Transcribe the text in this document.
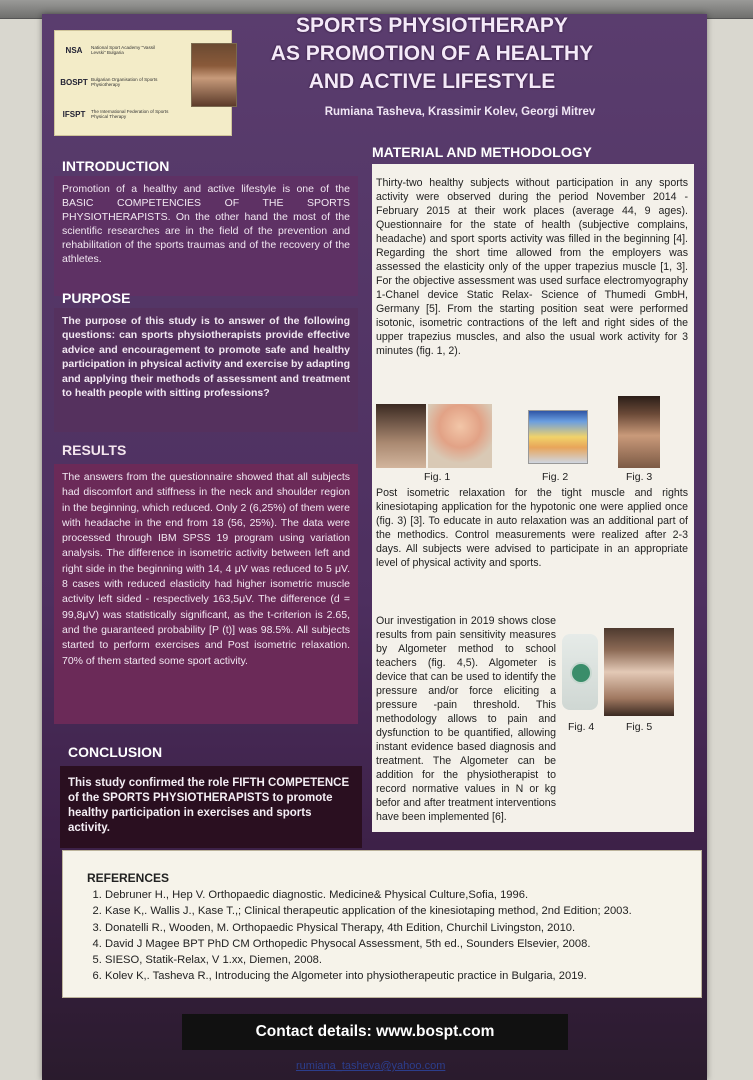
NSA	National Sport Academy "Vassil Levski" Bulgaria
BOSPT Bulgarian Organisation of Sports Physiotherapy
IFSPT	The International Federation of Sports Physical Therapy
SPORTS PHYSIOTHERAPY
AS PROMOTION OF A HEALTHY
AND ACTIVE LIFESTYLE
Rumiana Tasheva, Krassimir Kolev, Georgi Mitrev
INTRODUCTION
Promotion of a healthy and active lifestyle is one of the BASIC COMPETENCIES OF THE SPORTS PHYSIOTHERAPISTS. On the other hand the most of the scientific researches are in the field of the prevention and rehabilitation of the sports traumas and of the recovery of the athletes.
PURPOSE
The purpose of this study is to answer of the following questions: can sports physiotherapists provide effective advice and encouragement to promote safe and healthy participation in physical activity and exercise by adapting and applying their methods of assessment and treatment to health people with sitting professions?
RESULTS
The answers from the questionnaire showed that all subjects had discomfort and stiffness in the neck and shoulder region in the beginning, which reduced. Only 2 (6,25%) of them were with headache in the end from 18 (56, 25%). The data were processed through IBM SPSS 19 program using variation analysis. The difference in isometric activity between left and right side in the beginning with 14, 4 μV was reduced to 5 μV. 8 cases with reduced elasticity had higher isometric muscle activity left sided - respectively 163,5μV. The difference (d = 99,8μV) was statistically significant, as the t-criterion is 2.65, and the guaranteed probability [P (t)] was 98.5%. All subjects started to perform exercises and Post isometric relaxation. 70% of them started some sport activity.
CONCLUSION
This study confirmed the role FIFTH COMPETENCE of the SPORTS PHYSIOTHERAPISTS to promote healthy participation in exercises and sports activity.
MATERIAL AND METHODOLOGY
Thirty-two healthy subjects without participation in any sports activity were observed during the period November 2014 - February 2015 at their work places (average 44, 9 ages). Questionnaire for the state of health (subjective complains, headache) and sport sports activity was filled in the beginning [4]. Regarding the short time allowed from the employers was assessed the elasticity only of the upper trapezius muscle [1, 3]. For the objective assessment was used surface electromyography 1-Chanel device Static Relax- Science of Thumedi GmbH, Germany [5]. From the starting position seat were performed isotonic, isometric contractions of the left and right sides of the upper trapezius muscles, and also the usual work activity for 3 minutes (fig. 1, 2).
Fig. 1	Fig. 2	Fig. 3
Post isometric relaxation for the tight muscle and rights kinesiotaping application for the hypotonic one were applied once (fig. 3) [3]. To educate in auto relaxation was an additional part of the methodics. Control measurements were realized after 2-3 days. All subjects were advised to participate in an appropriate level of physical activity and sports.
Our investigation in 2019 shows close results from pain sensitivity measures by Algometer method to school teachers (fig. 4,5). Algometer is device that can be used to identify the pressure and/or force eliciting a pressure -pain threshold. This methodology allows to pain and dysfunction to be quantified, allowing instant evidence based diagnosis and treatment. The Algometer can be addition for the physiotherapist to record normative values in N or kg befor and after treatment interventions have been implemented [6].
Fig. 4	Fig. 5
REFERENCES
1. Debruner H., Hep V. Orthopaedic diagnostic. Medicine& Physical Culture,Sofia, 1996.
2. Kase K,. Wallis J., Kase T.,; Clinical therapeutic application of the kinesiotaping method, 2nd Edition; 2003.
3. Donatelli R., Wooden, M. Orthopaedic Physical Therapy, 4th Edition, Churchil Livingston, 2010.
4. David J Magee BPT PhD CM Orthopedic Physocal Assessment, 5th ed., Sounders Elsevier, 2008.
5. SIESO, Statik-Relax, V 1.xx, Diemen, 2008.
6. Kolev K,. Tasheva R., Introducing the Algometer into physiotherapeutic practice in Bulgaria, 2019.
Contact details: www.bospt.com
rumiana_tasheva@yahoo.com
